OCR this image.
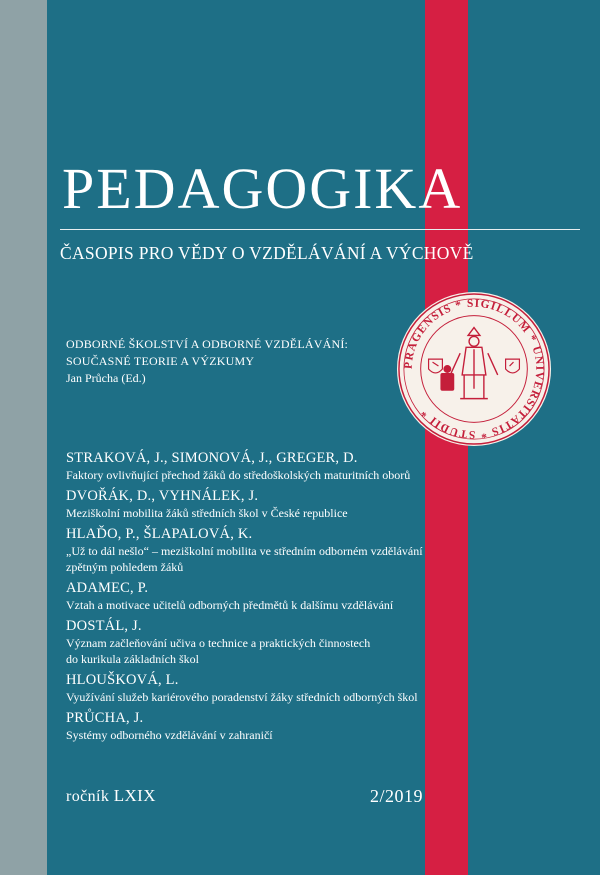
PEDAGOGIKA
ČASOPIS PRO VĚDY O VZDĚLÁVÁNÍ A VÝCHOVĚ
ODBORNÉ ŠKOLSTVÍ A ODBORNÉ VZDĚLÁVÁNÍ:
SOUČASNÉ TEORIE A VÝZKUMY
Jan Průcha (Ed.)
PRAGENSIS * SIGILLUM * UNIVERSITATIS * STUDII *
STRAKOVÁ, J., SIMONOVÁ, J., GREGER, D.
Faktory ovlivňující přechod žáků do středoškolských maturitních oborů
DVOŘÁK, D., VYHNÁLEK, J.
Meziškolní mobilita žáků středních škol v České republice
HLAĎO, P., ŠLAPALOVÁ, K.
„Už to dál nešlo“ – meziškolní mobilita ve středním odborném vzdělávání
zpětným pohledem žáků
ADAMEC, P.
Vztah a motivace učitelů odborných předmětů k dalšímu vzdělávání
DOSTÁL, J.
Význam začleňování učiva o technice a praktických činnostech
do kurikula základních škol
HLOUŠKOVÁ, L.
Využívání služeb kariérového poradenství žáky středních odborných škol
PRŮCHA, J.
Systémy odborného vzdělávání v zahraničí
ročník LXIX	2/2019
